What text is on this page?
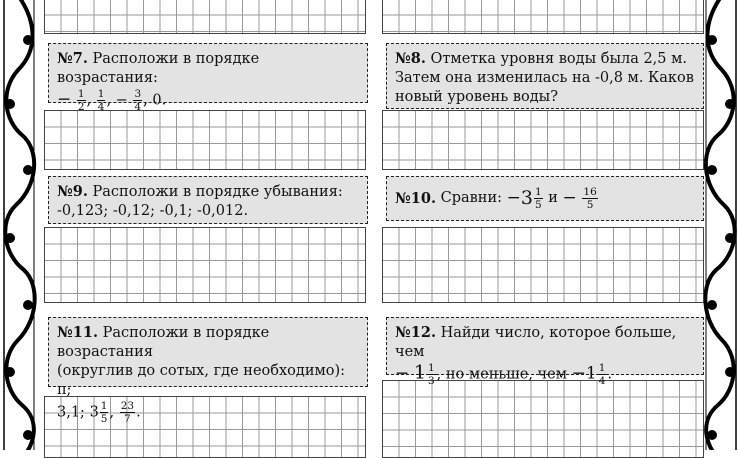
№7. Расположи в порядке возрастания:
− $\frac{1}{2}$ , $\frac{1}{4}$ , − $\frac{3}{4}$ , 0.
№8. Отметка уровня воды была 2,5 м. Затем она изменилась на -0,8 м. Каков новый уровень воды?
№9. Расположи в порядке убывания:
-0,123; -0,12; -0,1; -0,012.
№10.
Сравни:
− $3 \frac{1}{5}$
и
−
$\frac{16}{5}$
№11. Расположи в порядке возрастания
(округлив до сотых, где необходимо): π;
3,1; $3 \frac{1}{5}$ , $\frac{23}{7}$ .
№12. Найди число, которое больше, чем
− $1 \frac{1}{3}$ , но меньше, чем $-1 \frac{1}{4}$ .
